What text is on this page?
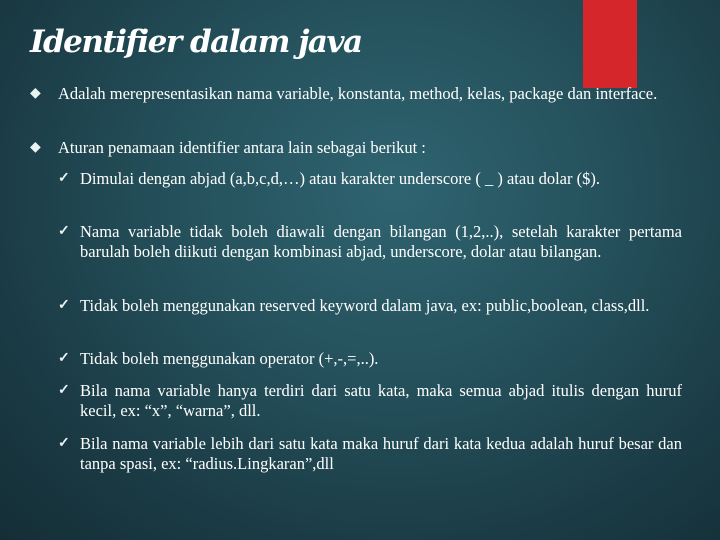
Identifier dalam java
◆	Adalah merepresentasikan nama variable, konstanta, method, kelas, package dan interface.
◆	Aturan penamaan identifier antara lain sebagai berikut :
✓ Dimulai dengan abjad (a,b,c,d,…) atau karakter underscore ( _ ) atau dolar ($).
✓ Nama variable tidak boleh diawali dengan bilangan (1,2,..), setelah karakter pertama barulah boleh diikuti dengan kombinasi abjad, underscore, dolar atau bilangan.
✓ Tidak boleh menggunakan reserved keyword dalam java, ex: public,boolean, class,dll.
✓ Tidak boleh menggunakan operator (+,-,=,..).
✓ Bila nama variable hanya terdiri dari satu kata, maka semua abjad itulis dengan huruf kecil, ex: “x”, “warna”, dll.
✓ Bila nama variable lebih dari satu kata maka huruf dari kata kedua adalah huruf besar dan tanpa spasi, ex: “radius.Lingkaran”,dll
